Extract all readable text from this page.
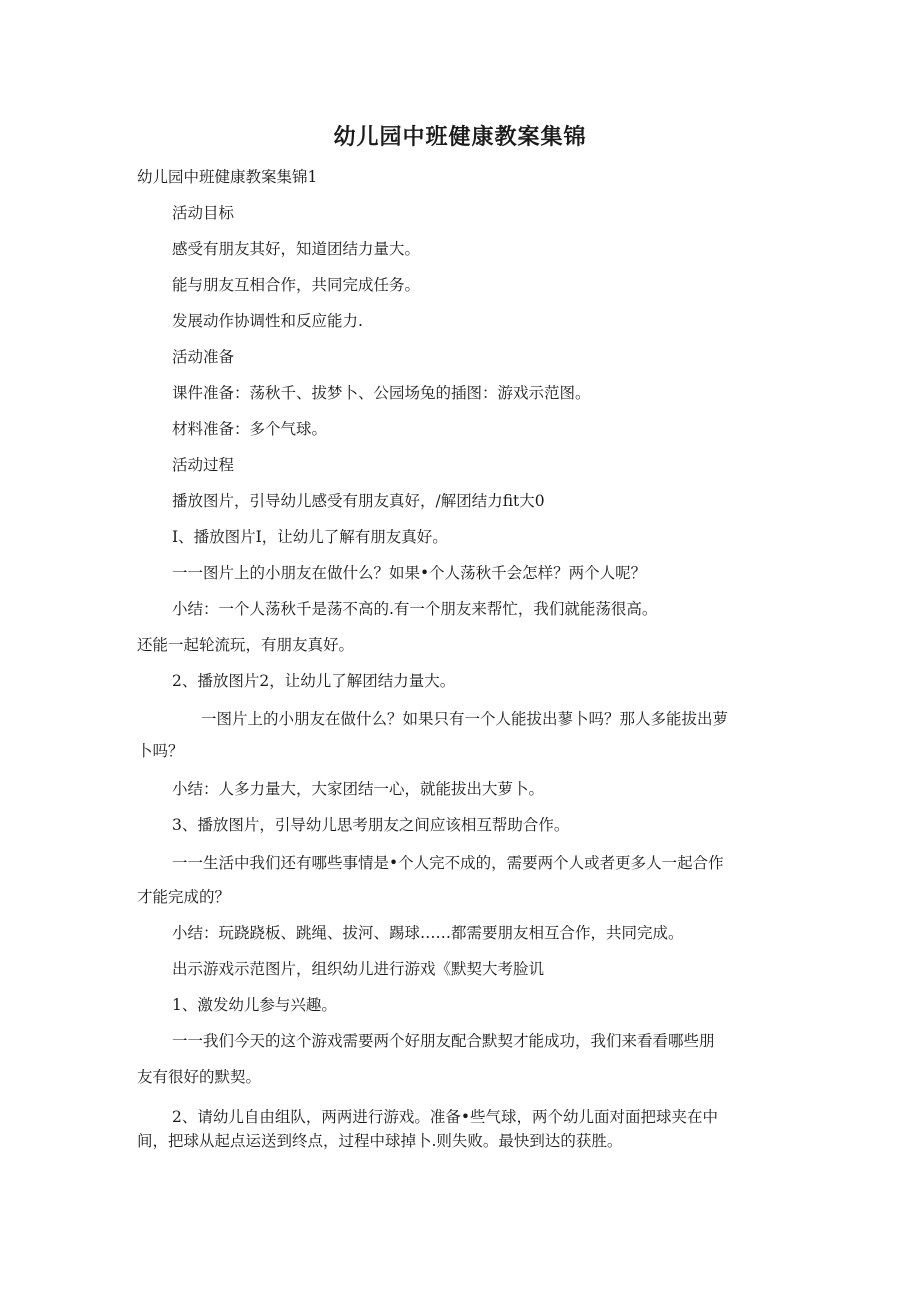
幼儿园中班健康教案集锦
幼儿园中班健康教案集锦1
活动目标
感受有朋友其好，知道团结力量大。
能与朋友互相合作，共同完成任务。
发展动作协调性和反应能力.
活动准备
课件准备：荡秋千、拔梦卜、公园场兔的插图：游戏示范图。
材料准备：多个气球。
活动过程
播放图片，引导幼儿感受有朋友真好，/解团结力fit大0
I、播放图片I，让幼儿了解有朋友真好。
一一图片上的小朋友在做什么？如果•个人荡秋千会怎样？两个人呢？
小结：一个人荡秋千是荡不高的.有一个朋友来帮忙，我们就能荡很高。
还能一起轮流玩，有朋友真好。
2、播放图片2，让幼儿了解团结力量大。
一图片上的小朋友在做什么？如果只有一个人能拔出蓼卜吗？那人多能拔出萝
卜吗？
小结：人多力量大，大家团结一心，就能拔出大萝卜。
3、播放图片，引导幼儿思考朋友之间应该相互帮助合作。
一一生活中我们还有哪些事情是•个人完不成的，需要两个人或者更多人一起合作
才能完成的？
小结：玩跷跷板、跳绳、拔河、踢球……都需要朋友相互合作，共同完成。
出示游戏示范图片，组织幼儿进行游戏《默契大考脸讥
1、激发幼儿参与兴趣。
一一我们今天的这个游戏需要两个好朋友配合默契才能成功，我们来看看哪些朋
友有很好的默契。
2、请幼儿自由组队，两两进行游戏。准备•些气球，两个幼儿面对面把球夹在中
间，把球从起点运送到终点，过程中球掉卜.则失败。最快到达的获胜。
